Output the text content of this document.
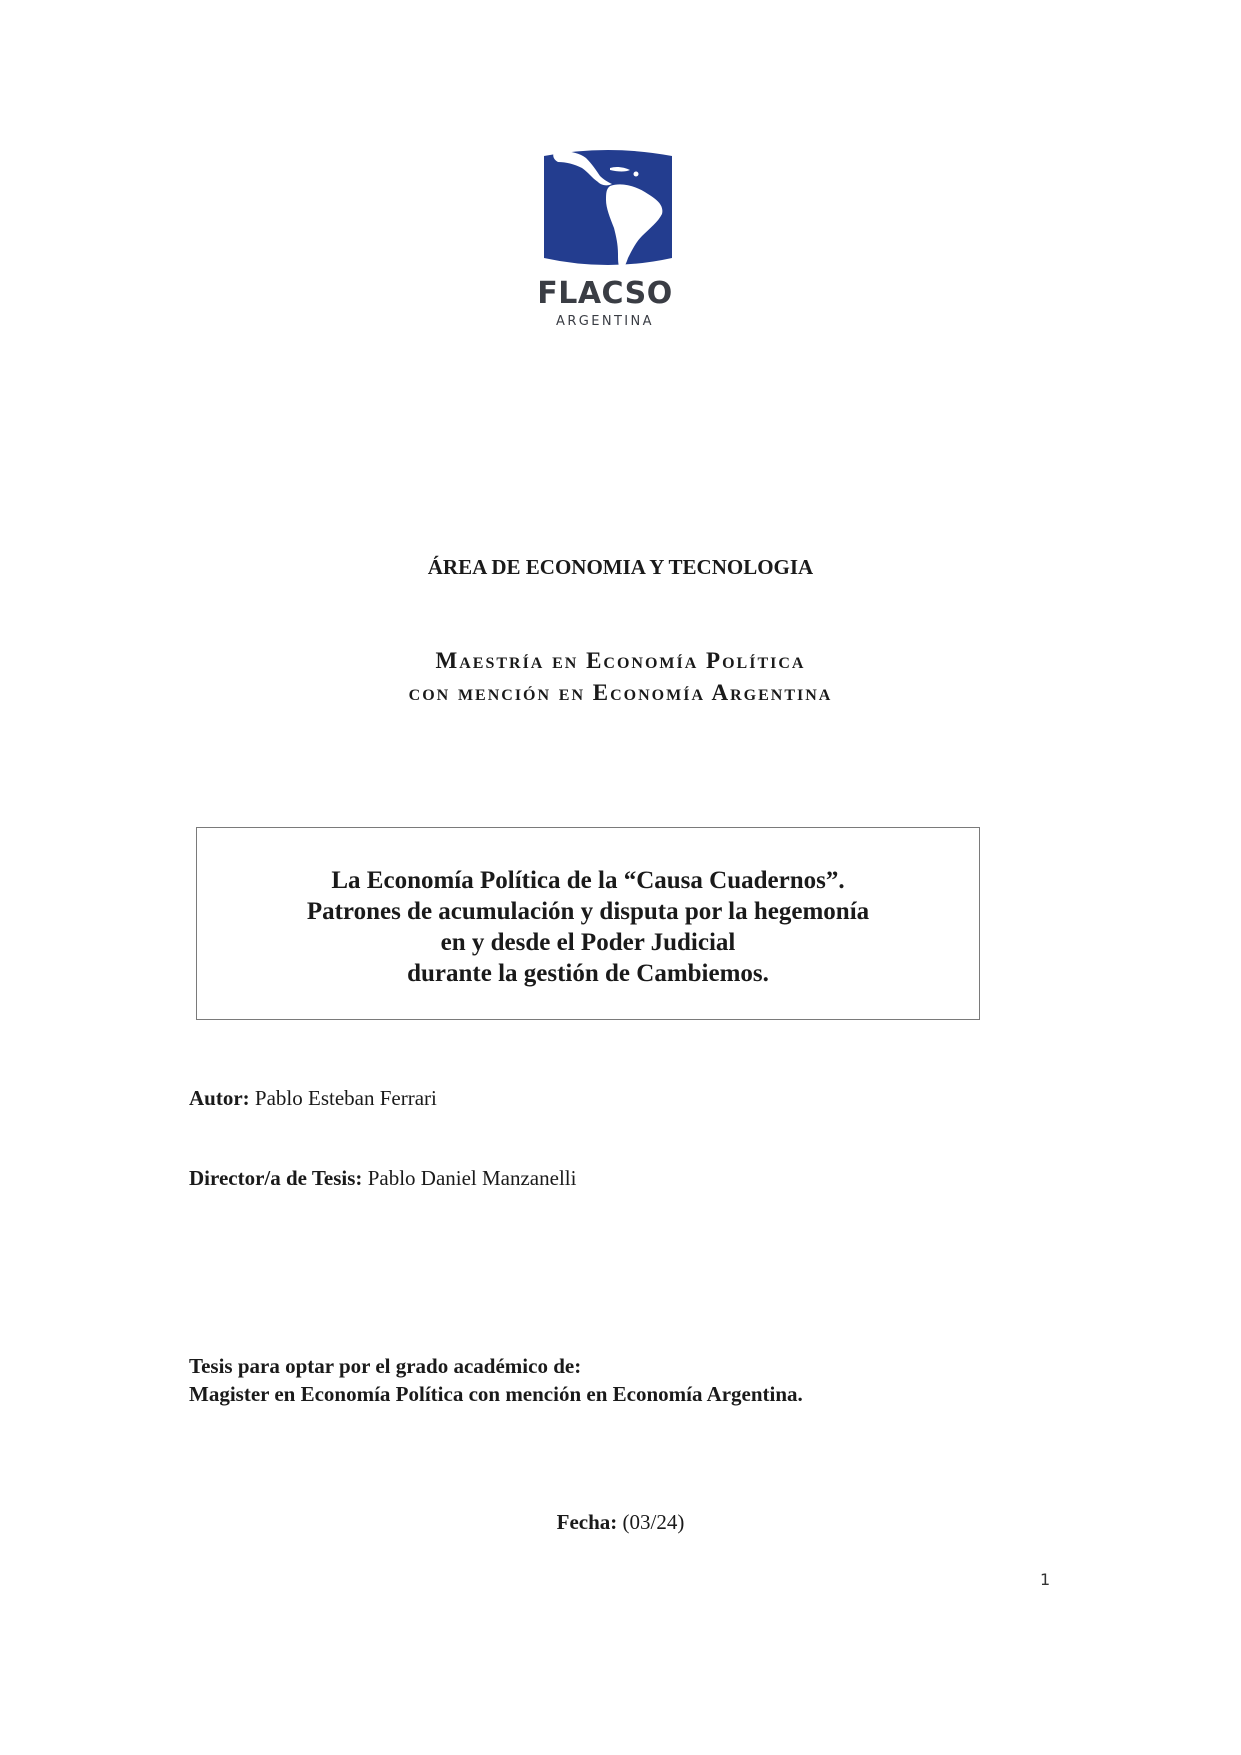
FLACSO
ARGENTINA
ÁREA DE ECONOMIA Y TECNOLOGIA
Maestría en Economía Política
con mención en Economía Argentina
La Economía Política de la “Causa Cuadernos”.
Patrones de acumulación y disputa por la hegemonía
en y desde el Poder Judicial
durante la gestión de Cambiemos.
Autor: Pablo Esteban Ferrari
Director/a de Tesis: Pablo Daniel Manzanelli
Tesis para optar por el grado académico de:
Magister en Economía Política con mención en Economía Argentina.
Fecha: (03/24)
1
